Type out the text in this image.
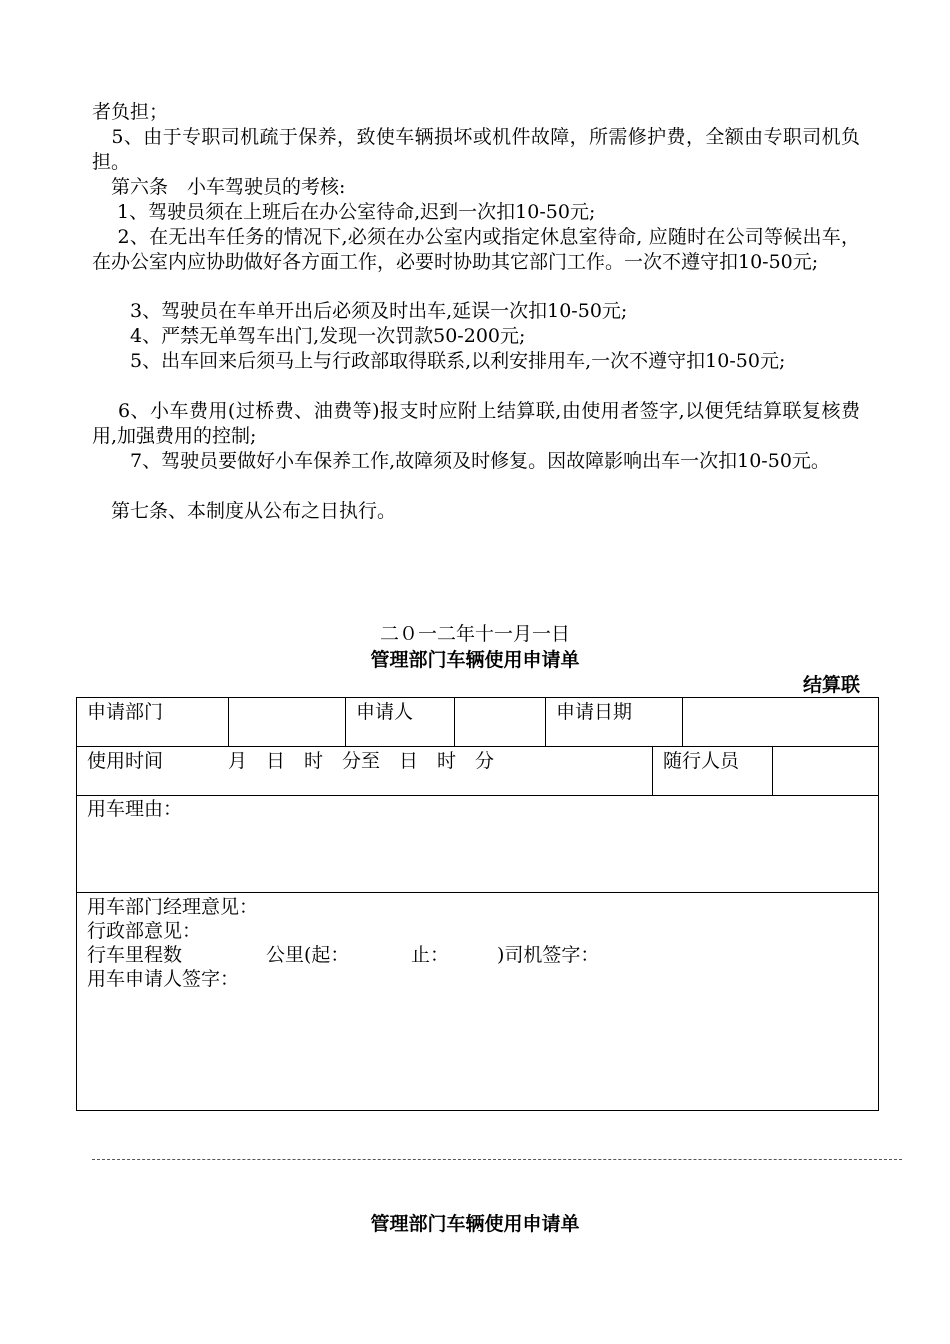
者负担；

　5、由于专职司机疏于保养，致使车辆损坏或机件故障，所需修护费，全额由专职司机负担。

　第六条　小车驾驶员的考核:

　 1、驾驶员须在上班后在办公室待命,迟到一次扣10-50元;

　 2、在无出车任务的情况下,必须在办公室内或指定休息室待命, 应随时在公司等候出车，在办公室内应协助做好各方面工作，必要时协助其它部门工作。一次不遵守扣10-50元;

　　3、驾驶员在车单开出后必须及时出车,延误一次扣10-50元;

　　4、严禁无单驾车出门,发现一次罚款50-200元;

　　5、出车回来后须马上与行政部取得联系,以利安排用车,一次不遵守扣10-50元;

　 6、小车费用(过桥费、油费等)报支时应附上结算联,由使用者签字,以便凭结算联复核费用,加强费用的控制;

　　7、驾驶员要做好小车保养工作,故障须及时修复。因故障影响出车一次扣10-50元。

　第七条、本制度从公布之日执行。

二０一二年十一月一日
管理部门车辆使用申请单
结算联
申请部门	申请人	申请日期
使用时间 　月　日　时　分至　日　时　分	随行人员
用车理由：
用车部门经理意见：
行政部意见：
行车里程数	公里(起：	止：	)司机签字：
用车申请人签字：
管理部门车辆使用申请单
